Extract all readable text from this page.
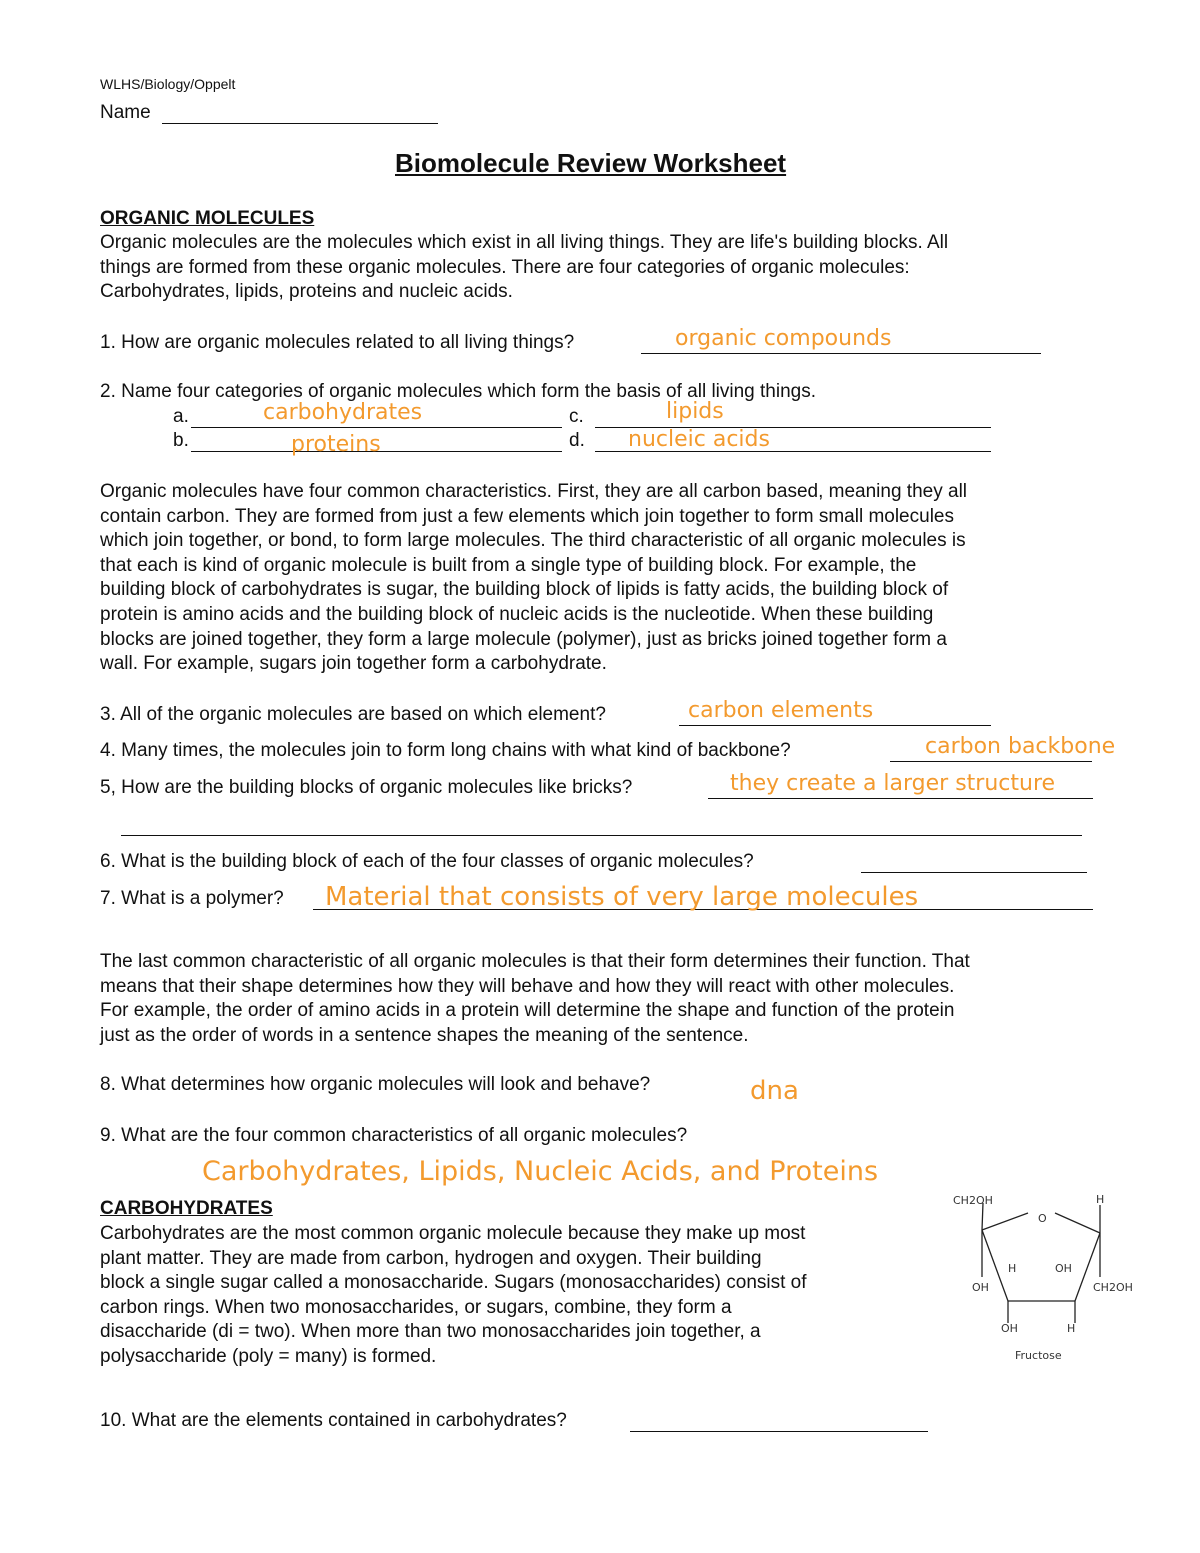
WLHS/Biology/Oppelt
Name
Biomolecule Review Worksheet
ORGANIC MOLECULES
Organic molecules are the molecules which exist in all living things. They are life's building blocks. All
things are formed from these organic molecules. There are four categories of organic molecules:
Carbohydrates, lipids, proteins and nucleic acids.
1. How are organic molecules related to all living things?	organic compounds
2. Name four categories of organic molecules which form the basis of all living things.
a.	carbohydrates	c.	lipids
b.	proteins	d. nucleic acids
Organic molecules have four common characteristics. First, they are all carbon based, meaning they all
contain carbon. They are formed from just a few elements which join together to form small molecules
which join together, or bond, to form large molecules. The third characteristic of all organic molecules is
that each is kind of organic molecule is built from a single type of building block. For example, the
building block of carbohydrates is sugar, the building block of lipids is fatty acids, the building block of
protein is amino acids and the building block of nucleic acids is the nucleotide. When these building
blocks are joined together, they form a large molecule (polymer), just as bricks joined together form a
wall. For example, sugars join together form a carbohydrate.
3. All of the organic molecules are based on which element?	carbon elements
4. Many times, the molecules join to form long chains with what kind of backbone?	carbon backbone
5, How are the building blocks of organic molecules like bricks?	they create a larger structure
6. What is the building block of each of the four classes of organic molecules?
7. What is a polymer? Material that consists of very large molecules
The last common characteristic of all organic molecules is that their form determines their function. That
means that their shape determines how they will behave and how they will react with other molecules.
For example, the order of amino acids in a protein will determine the shape and function of the protein
just as the order of words in a sentence shapes the meaning of the sentence.
8. What determines how organic molecules will look and behave?	dna
9. What are the four common characteristics of all organic molecules?
Carbohydrates, Lipids, Nucleic Acids, and Proteins
CARBOHYDRATES
Carbohydrates are the most common organic molecule because they make up most
plant matter. They are made from carbon, hydrogen and oxygen. Their building
block a single sugar called a monosaccharide. Sugars (monosaccharides) consist of
carbon rings. When two monosaccharides, or sugars, combine, they form a
disaccharide (di = two). When more than two monosaccharides join together, a
polysaccharide (poly = many) is formed.
10. What are the elements contained in carbohydrates?
CH2OH	H
O
H	OH
OH	CH2OH
OH	H
Fructose
